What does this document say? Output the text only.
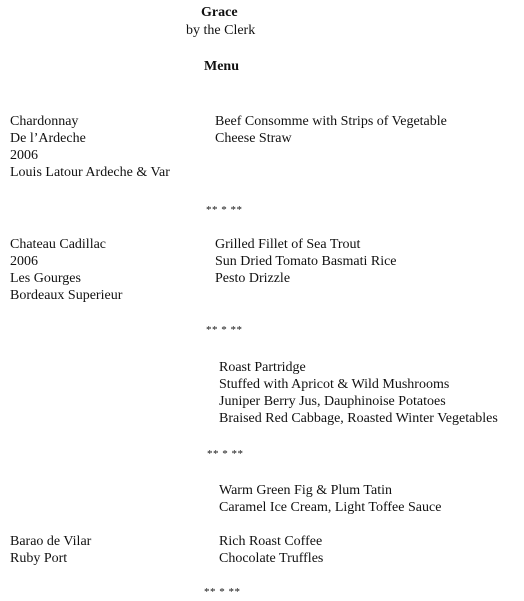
Grace
by the Clerk
Menu
Chardonnay
De l’Ardeche
2006
Louis Latour Ardeche & Var
Beef Consomme with Strips of Vegetable
Cheese Straw
** * **
Chateau Cadillac
2006
Les Gourges
Bordeaux Superieur
Grilled Fillet of Sea Trout
Sun Dried Tomato Basmati Rice
Pesto Drizzle
** * **
Roast Partridge
Stuffed with Apricot & Wild Mushrooms
Juniper Berry Jus, Dauphinoise Potatoes
Braised Red Cabbage, Roasted Winter Vegetables
** * **
Warm Green Fig & Plum Tatin
Caramel Ice Cream, Light Toffee Sauce
Barao de Vilar
Ruby Port
Rich Roast Coffee
Chocolate Truffles
** * **
